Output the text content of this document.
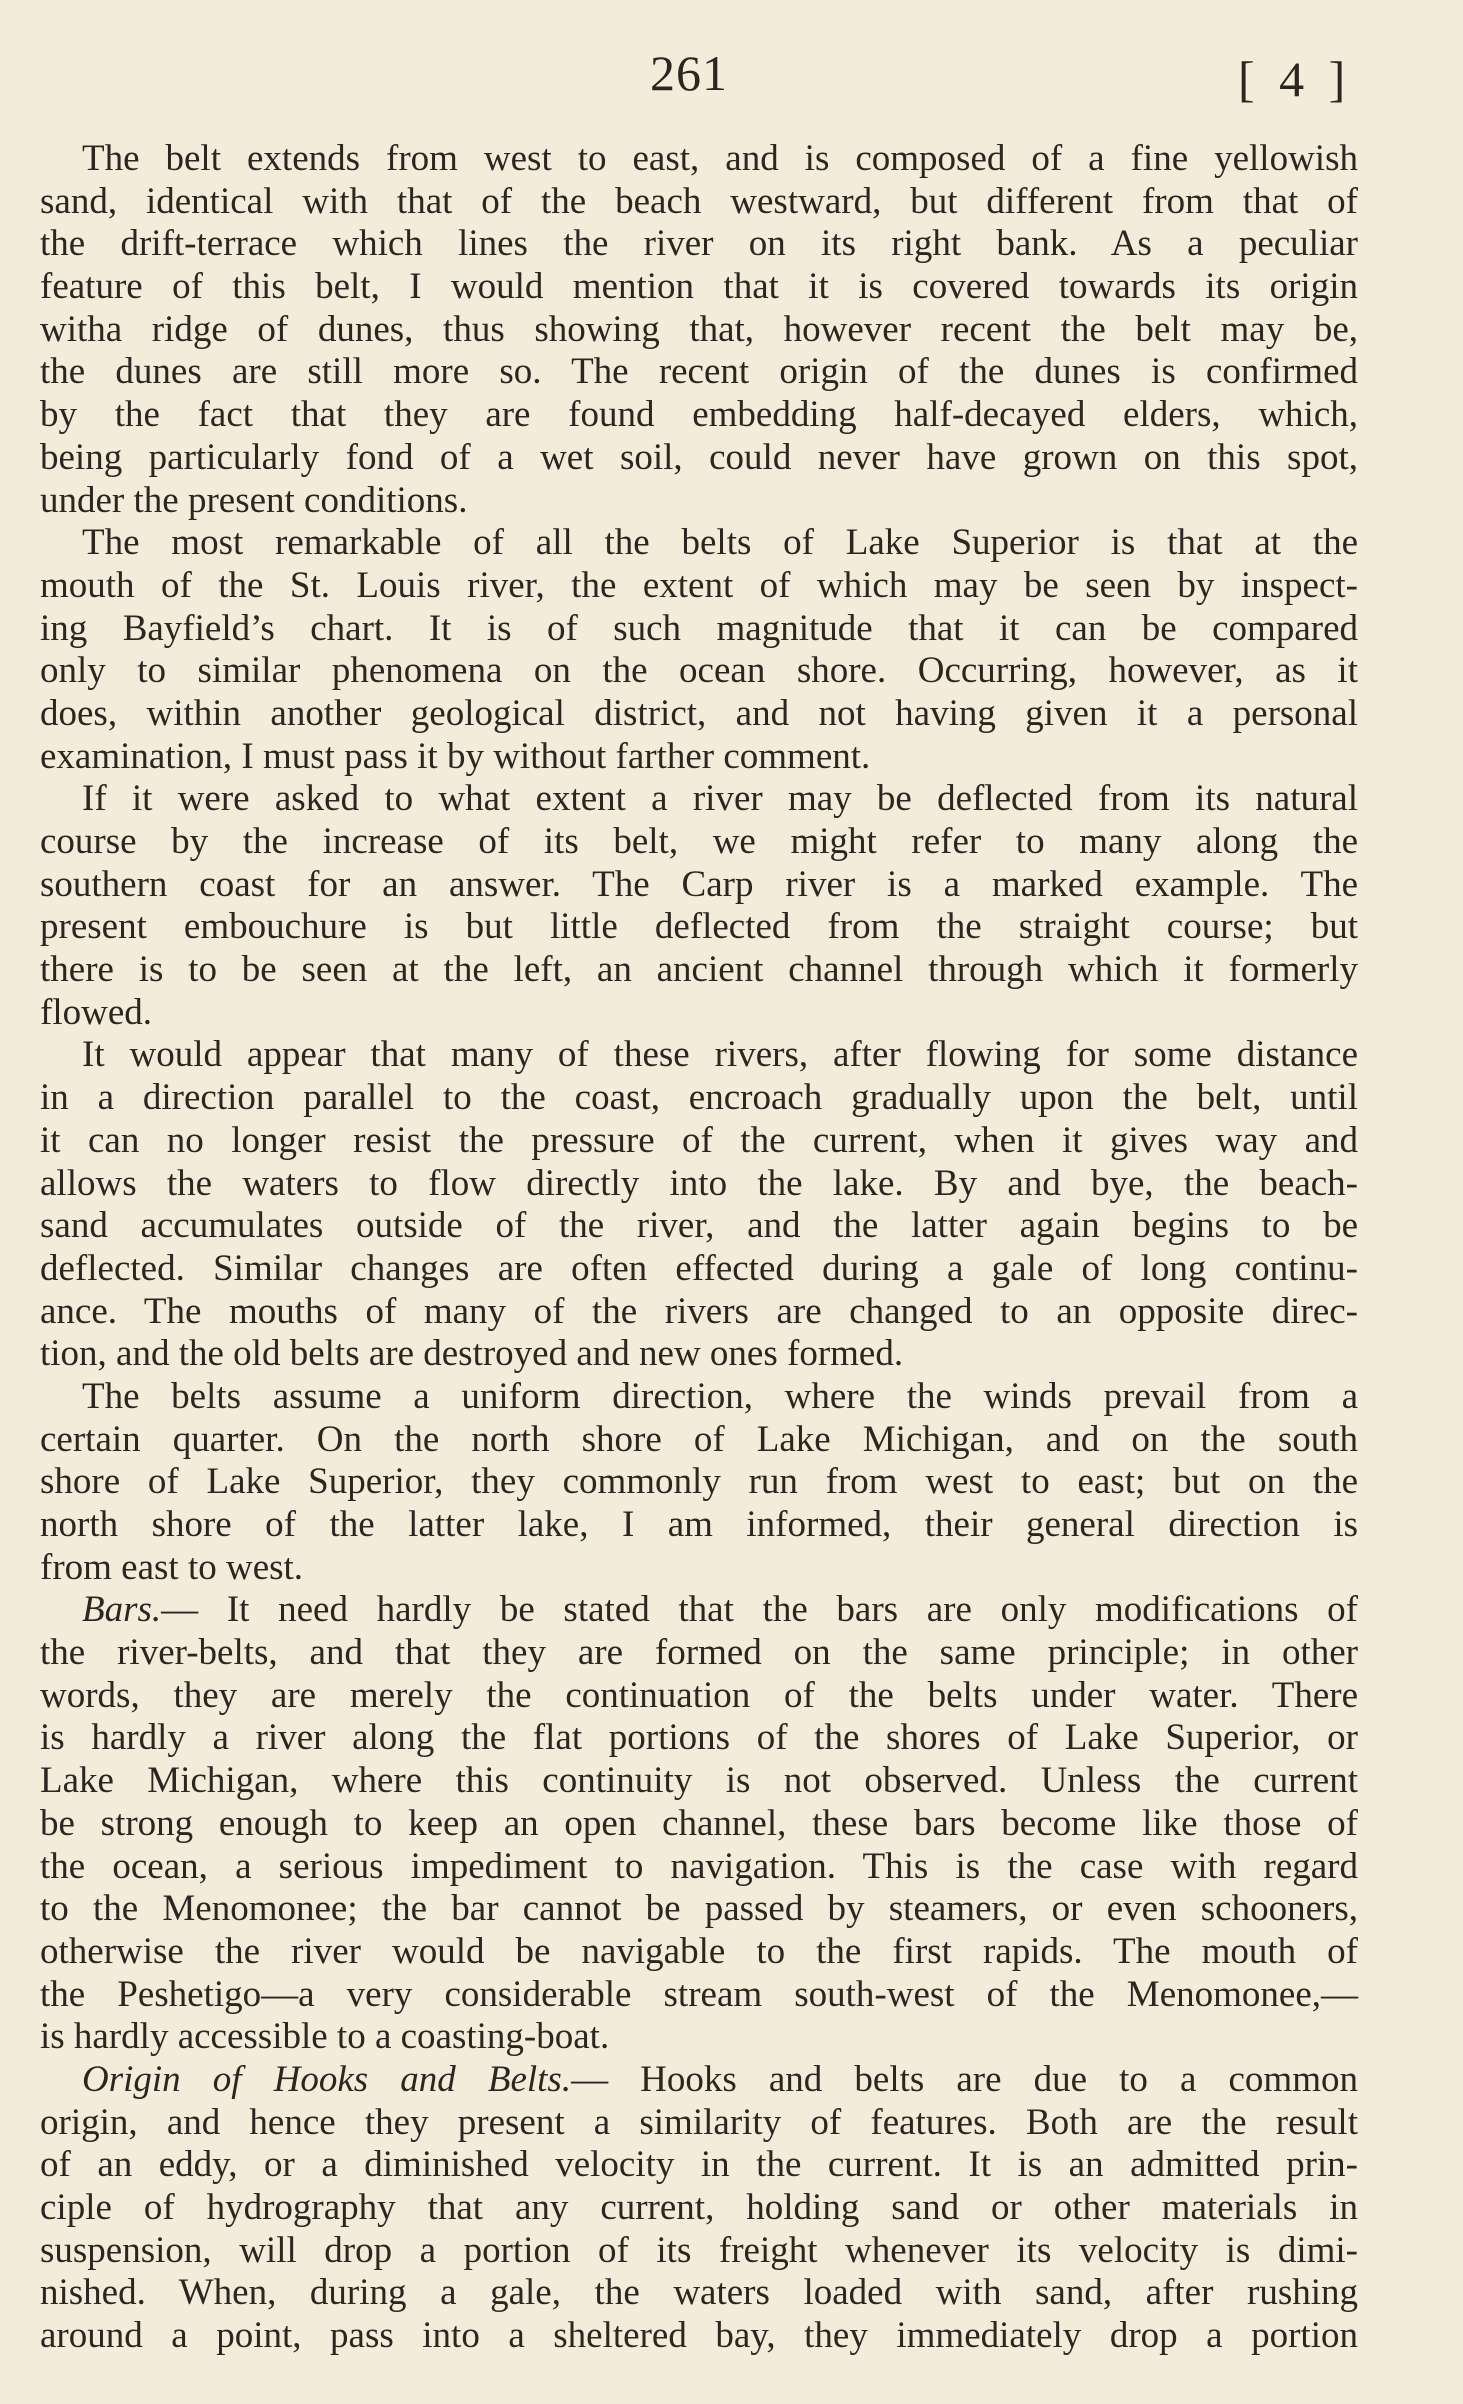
261	[ 4 ]
The belt extends from west to east, and is composed of a fine yellowish
sand, identical with that of the beach westward, but different from that of
the drift-terrace which lines the river on its right bank. As a peculiar
feature of this belt, I would mention that it is covered towards its origin
witha ridge of dunes, thus showing that, however recent the belt may be,
the dunes are still more so. The recent origin of the dunes is confirmed
by the fact that they are found embedding half-decayed elders, which,
being particularly fond of a wet soil, could never have grown on this spot,
under the present conditions.
The most remarkable of all the belts of Lake Superior is that at the
mouth of the St. Louis river, the extent of which may be seen by inspect-
ing Bayfield’s chart. It is of such magnitude that it can be compared
only to similar phenomena on the ocean shore. Occurring, however, as it
does, within another geological district, and not having given it a personal
examination, I must pass it by without farther comment.
If it were asked to what extent a river may be deflected from its natural
course by the increase of its belt, we might refer to many along the
southern coast for an answer. The Carp river is a marked example. The
present embouchure is but little deflected from the straight course; but
there is to be seen at the left, an ancient channel through which it formerly
flowed.
It would appear that many of these rivers, after flowing for some distance
in a direction parallel to the coast, encroach gradually upon the belt, until
it can no longer resist the pressure of the current, when it gives way and
allows the waters to flow directly into the lake. By and bye, the beach-
sand accumulates outside of the river, and the latter again begins to be
deflected. Similar changes are often effected during a gale of long continu-
ance. The mouths of many of the rivers are changed to an opposite direc-
tion, and the old belts are destroyed and new ones formed.
The belts assume a uniform direction, where the winds prevail from a
certain quarter. On the north shore of Lake Michigan, and on the south
shore of Lake Superior, they commonly run from west to east; but on the
north shore of the latter lake, I am informed, their general direction is
from east to west.
Bars.— It need hardly be stated that the bars are only modifications of
the river-belts, and that they are formed on the same principle; in other
words, they are merely the continuation of the belts under water. There
is hardly a river along the flat portions of the shores of Lake Superior, or
Lake Michigan, where this continuity is not observed. Unless the current
be strong enough to keep an open channel, these bars become like those of
the ocean, a serious impediment to navigation. This is the case with regard
to the Menomonee; the bar cannot be passed by steamers, or even schooners,
otherwise the river would be navigable to the first rapids. The mouth of
the Peshetigo—a very considerable stream south-west of the Menomonee,—
is hardly accessible to a coasting-boat.
Origin of Hooks and Belts.— Hooks and belts are due to a common
origin, and hence they present a similarity of features. Both are the result
of an eddy, or a diminished velocity in the current. It is an admitted prin-
ciple of hydrography that any current, holding sand or other materials in
suspension, will drop a portion of its freight whenever its velocity is dimi-
nished. When, during a gale, the waters loaded with sand, after rushing
around a point, pass into a sheltered bay, they immediately drop a portion
